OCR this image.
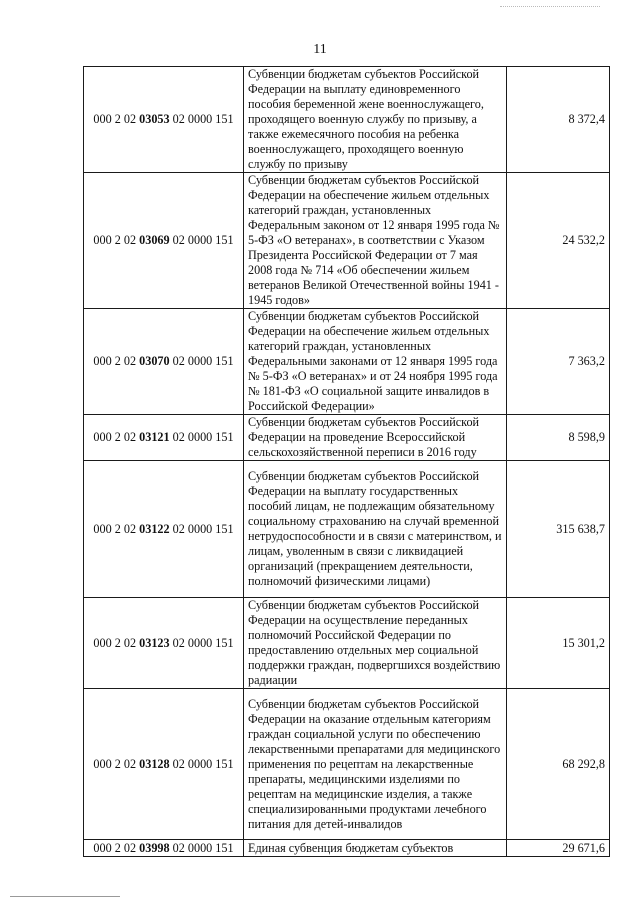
11
000 2 02 03053 02 0000 151	Субвенции бюджетам субъектов Российской Федерации на выплату единовременного пособия беременной жене военнослужащего, проходящего военную службу по призыву, а также ежемесячного пособия на ребенка военнослужащего, проходящего военную службу по призыву	8 372,4
000 2 02 03069 02 0000 151	Субвенции бюджетам субъектов Российской Федерации на обеспечение жильем отдельных категорий граждан, установленных Федеральным законом от 12 января 1995 года № 5-ФЗ «О ветеранах», в соответствии с Указом Президента Российской Федерации от 7 мая 2008 года № 714 «Об обеспечении жильем ветеранов Великой Отечественной войны 1941 - 1945 годов»	24 532,2
000 2 02 03070 02 0000 151	Субвенции бюджетам субъектов Российской Федерации на обеспечение жильем отдельных категорий граждан, установленных Федеральными законами от 12 января 1995 года № 5-ФЗ «О ветеранах» и от 24 ноября 1995 года № 181-ФЗ «О социальной защите инвалидов в Российской Федерации»	7 363,2
000 2 02 03121 02 0000 151	Субвенции бюджетам субъектов Российской Федерации на проведение Всероссийской сельскохозяйственной переписи в 2016 году	8 598,9
000 2 02 03122 02 0000 151	Субвенции бюджетам субъектов Российской Федерации на выплату государственных пособий лицам, не подлежащим обязательному социальному страхованию на случай временной нетрудоспособности и в связи с материнством, и лицам, уволенным в связи с ликвидацией организаций (прекращением деятельности, полномочий физическими лицами)	315 638,7
000 2 02 03123 02 0000 151	Субвенции бюджетам субъектов Российской Федерации на осуществление переданных полномочий Российской Федерации по предоставлению отдельных мер социальной поддержки граждан, подвергшихся воздействию радиации	15 301,2
000 2 02 03128 02 0000 151	Субвенции бюджетам субъектов Российской Федерации на оказание отдельным категориям граждан социальной услуги по обеспечению лекарственными препаратами для медицинского применения по рецептам на лекарственные препараты, медицинскими изделиями по рецептам на медицинские изделия, а также специализированными продуктами лечебного питания для детей-инвалидов	68 292,8
000 2 02 03998 02 0000 151	Единая субвенция бюджетам субъектов	29 671,6
